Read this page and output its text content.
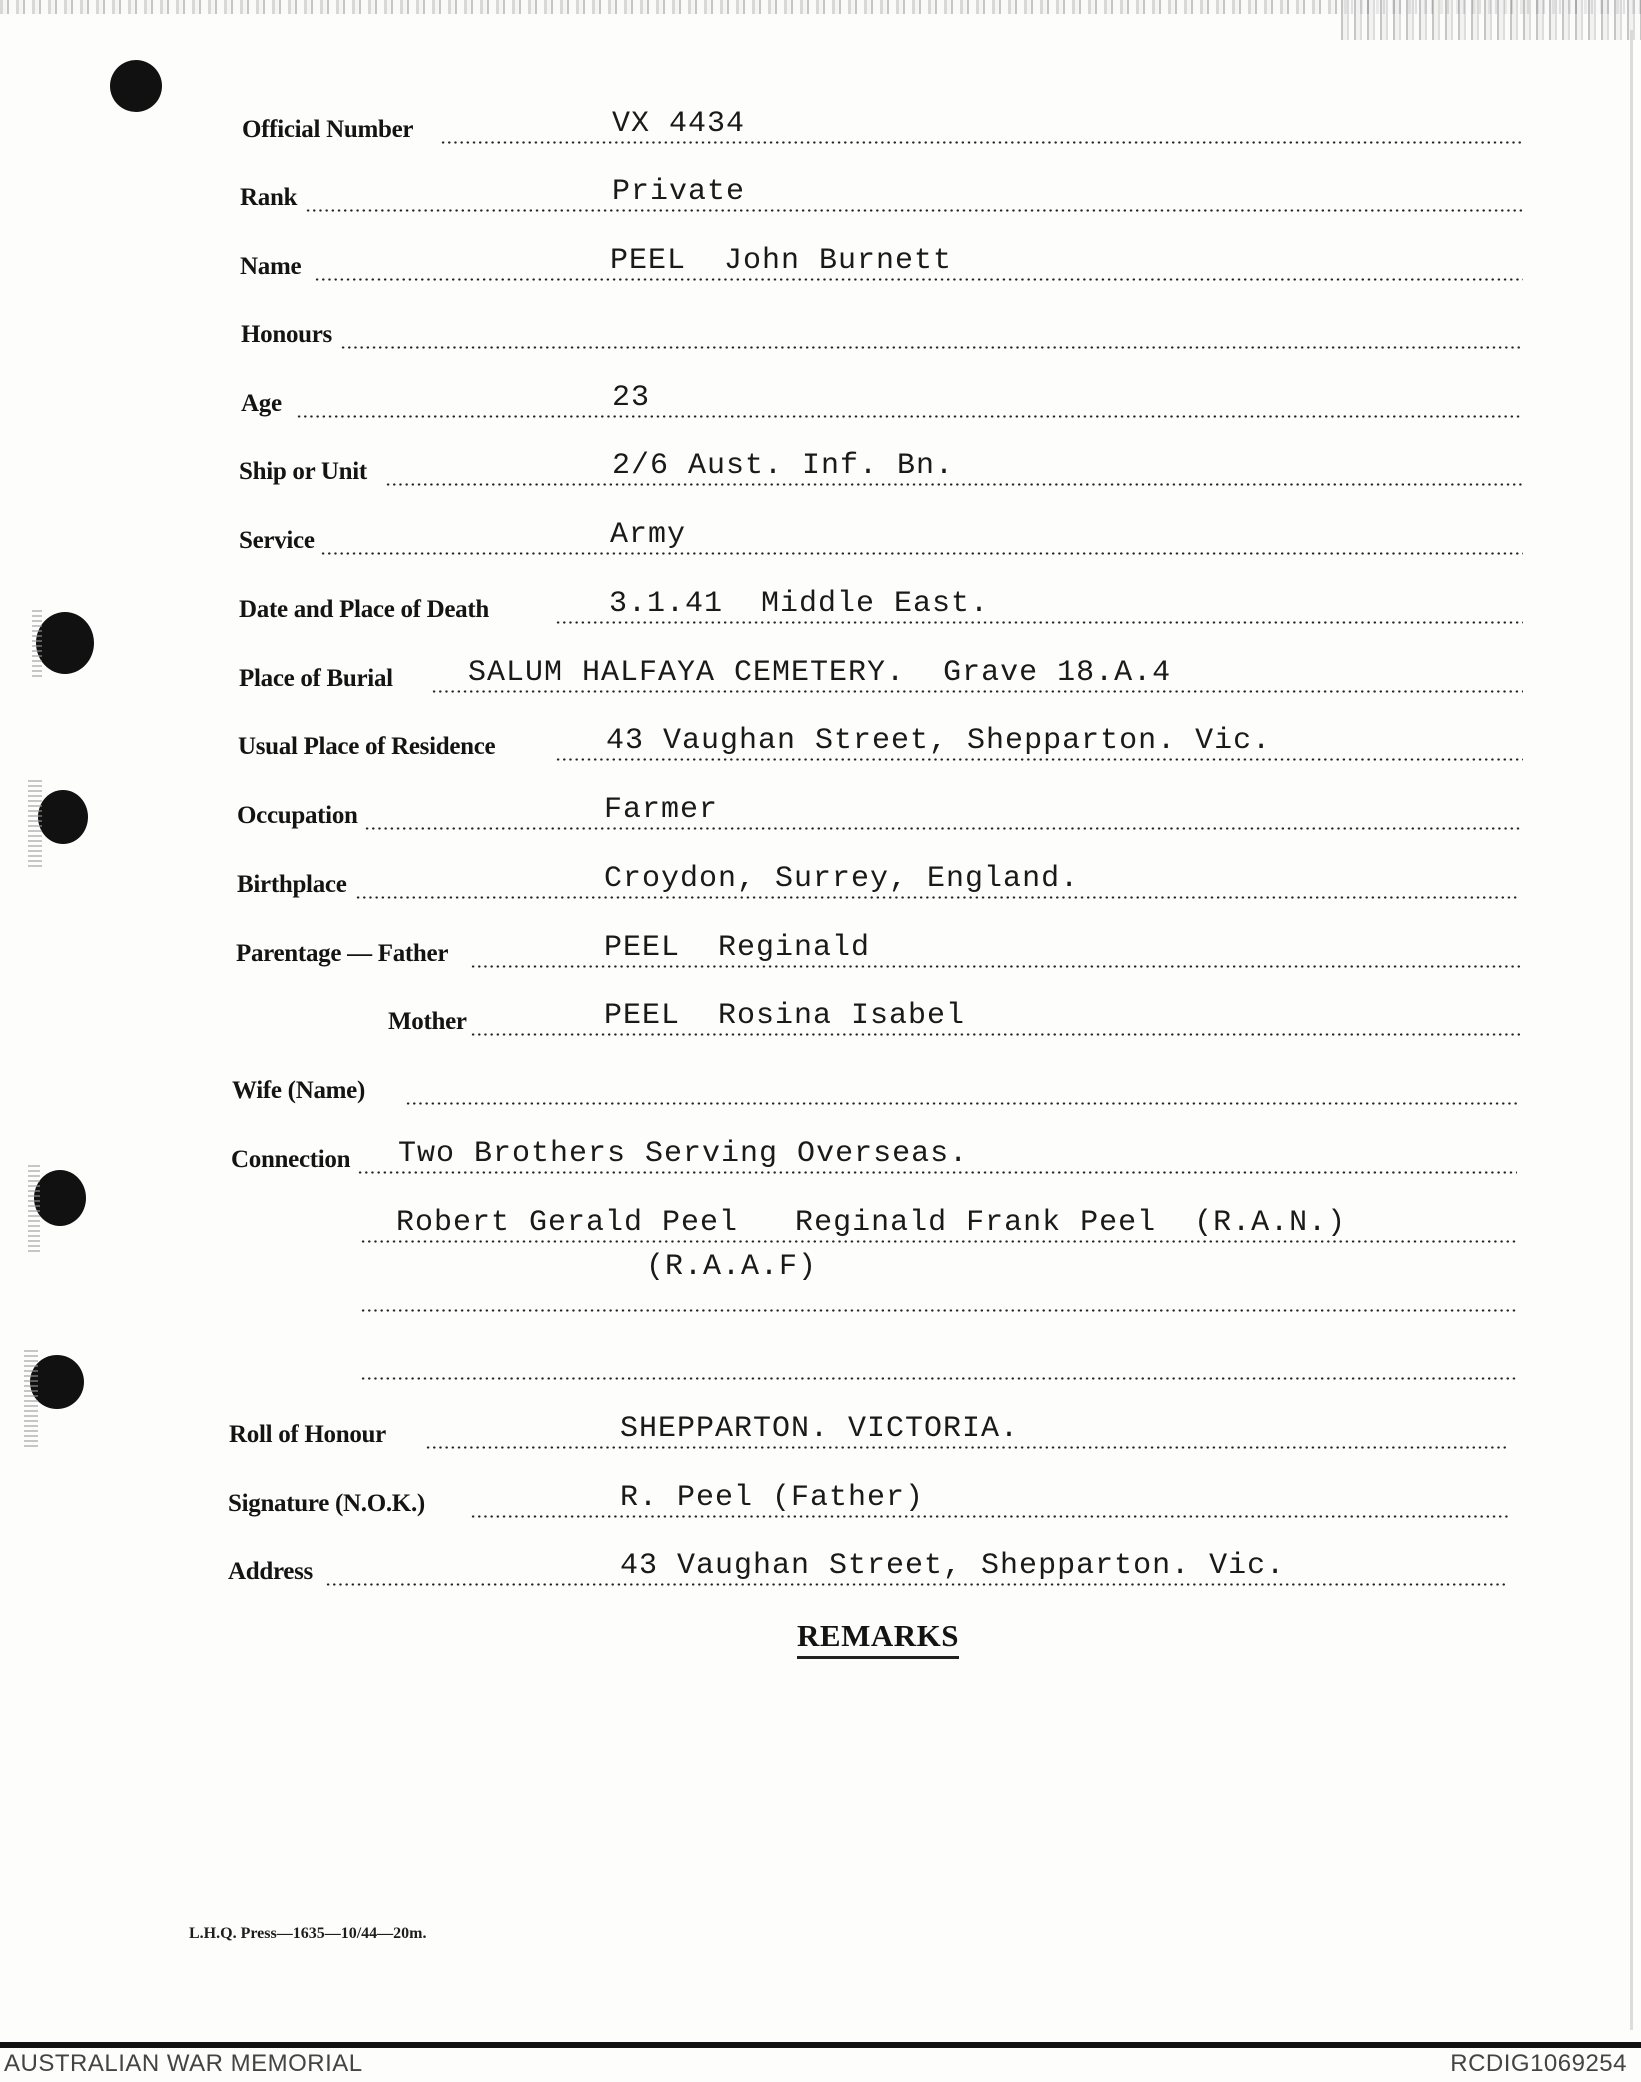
Official Number	VX 4434
Rank	Private
Name	PEEL  John Burnett
Honours
Age	23
Ship or Unit	2/6 Aust. Inf. Bn.
Service	Army
Date and Place of Death	3.1.41  Middle East.
Place of Burial	SALUM HALFAYA CEMETERY.  Grave 18.A.4
Usual Place of Residence	43 Vaughan Street, Shepparton. Vic.
Occupation	Farmer
Birthplace	Croydon, Surrey, England.
Parentage — Father	PEEL  Reginald
Mother	PEEL  Rosina Isabel
Wife (Name)
Connection Two Brothers Serving Overseas.
Robert Gerald Peel   Reginald Frank Peel  (R.A.N.)
(R.A.A.F)
Roll of Honour	SHEPPARTON. VICTORIA.
Signature (N.O.K.)	R. Peel (Father)
Address	43 Vaughan Street, Shepparton. Vic.
REMARKS
L.H.Q. Press—1635—10/44—20m.
AUSTRALIAN WAR MEMORIAL	RCDIG1069254
